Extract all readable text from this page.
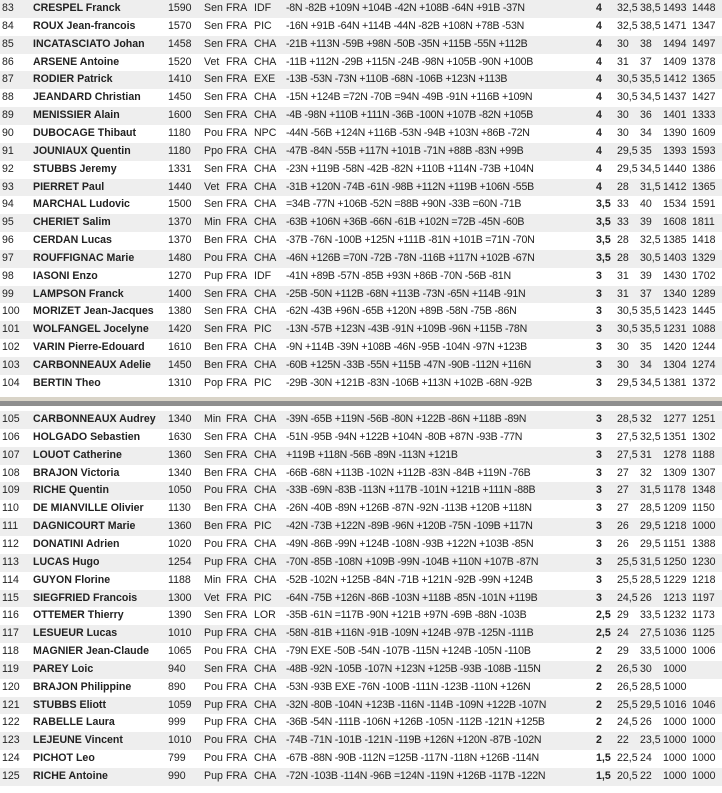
83	CRESPEL Franck	1590	Sen FRA IDF	-8N -82B +109N +104B -42N +108B -64N +91B -37N	4	32,5 38,5 1493 1448
84	ROUX Jean-francois	1570	Sen FRA PIC	-16N +91B -64N +114B -44N -82B +108N +78B -53N	4	32,5 38,5 1471 1347
85	INCATASCIATO Johan	1458	Sen FRA CHA -21B +113N -59B +98N -50B -35N +115B -55N +112B	4	30	38	1494 1497
86	ARSENE Antoine	1520	Vet FRA CHA -11B +112N -29B +115N -24B -98N +105B -90N +100B	4	31	37	1409 1378
87	RODIER Patrick	1410	Sen FRA EXE	-13B -53N -73N +110B -68N -106B +123N +113B	4	30,5 35,5 1412 1365
88	JEANDARD Christian	1450	Sen FRA CHA -15N +124B =72N -70B =94N -49B -91N +116B +109N	4	30,5 34,5 1437 1427
89	MENISSIER Alain	1600	Sen FRA CHA -4B -98N +110B +111N -36B -100N +107B -82N +105B	4	30	36	1401 1333
90	DUBOCAGE Thibaut	1180	Pou FRA NPC -44N -56B +124N +116B -53N -94B +103N +86B -72N	4	30	34	1390 1609
91	JOUNIAUX Quentin	1180	Ppo FRA CHA -47B -84N -55B +117N +101B -71N +88B -83N +99B	4	29,5 35	1393 1593
92	STUBBS Jeremy	1331	Sen FRA CHA -23N +119B -58N -42B -82N +110B +114N -73B +104N	4	29,5 34,5 1440 1386
93	PIERRET Paul	1440	Vet FRA CHA -31B +120N -74B -61N -98B +112N +119B +106N -55B	4	28	31,5 1412 1365
94	MARCHAL Ludovic	1500	Sen FRA CHA =34B -77N +106B -52N =88B +90N -33B =60N -71B	3,5 33	40	1534 1591
95	CHERIET Salim	1370	Min FRA CHA -63B +106N +36B -66N -61B +102N =72B -45N -60B	3,5 33	39	1608 1811
96	CERDAN Lucas	1370	Ben FRA CHA -37B -76N -100B +125N +111B -81N +101B =71N -70N	3,5 28	32,5 1385 1418
97	ROUFFIGNAC Marie	1480	Pou FRA CHA -46N +126B =70N -72B -78N -116B +117N +102B -67N	3,5 28	30,5 1403 1329
98	IASONI Enzo	1270	Pup FRA IDF	-41N +89B -57N -85B +93N +86B -70N -56B -81N	3	31	39	1430 1702
99	LAMPSON Franck	1400	Sen FRA CHA -25B -50N +112B -68N +113B -73N -65N +114B -91N	3	31	37	1340 1289
100	MORIZET Jean-Jacques	1380	Sen FRA CHA -62N -43B +96N -65B +120N +89B -58N -75B -86N	3	30,5 35,5 1423 1445
101	WOLFANGEL Jocelyne	1420	Sen FRA PIC	-13N -57B +123N -43B -91N +109B -96N +115B -78N	3	30,5 35,5 1231 1088
102	VARIN Pierre-Edouard	1610	Ben FRA CHA -9N +114B -39N +108B -46N -95B -104N -97N +123B	3	30	35	1420 1244
103	CARBONNEAUX Adelie	1450	Ben FRA CHA -60B +125N -33B -55N +115B -47N -90B -112N +116N	3	30	34	1304 1274
104	BERTIN Theo	1310	Pop FRA PIC	-29B -30N +121B -83N -106B +113N +102B -68N -92B	3	29,5 34,5 1381 1372
105	CARBONNEAUX Audrey	1340	Min FRA CHA -39N -65B +119N -56B -80N +122B -86N +118B -89N	3	28,5 32	1277 1251
106	HOLGADO Sebastien	1630	Sen FRA CHA -51N -95B -94N +122B +104N -80B +87N -93B -77N	3	27,5 32,5 1351 1302
107	LOUOT Catherine	1360	Sen FRA CHA +119B +118N -56B -89N -113N +121B	3	27,5 31	1278 1188
108	BRAJON Victoria	1340	Ben FRA CHA -66B -68N +113B -102N +112B -83N -84B +119N -76B	3	27	32	1309 1307
109	RICHE Quentin	1050	Pou FRA CHA -33B -69N -83B -113N +117B -101N +121B +111N -88B	3	27	31,5 1178 1348
110	DE MIANVILLE Olivier	1130	Ben FRA CHA -26N -40B -89N +126B -87N -92N -113B +120B +118N	3	27	28,5 1209 1150
111	DAGNICOURT Marie	1360	Ben FRA PIC	-42N -73B +122N -89B -96N +120B -75N -109B +117N	3	26	29,5 1218 1000
112	DONATINI Adrien	1020	Pou FRA CHA -49N -86B -99N +124B -108N -93B +122N +103B -85N	3	26	29,5 1151 1388
113	LUCAS Hugo	1254	Pup FRA CHA -70N -85B -108N +109B -99N -104B +110N +107B -87N	3	25,5 31,5 1250 1230
114	GUYON Florine	1188	Min FRA CHA -52B -102N +125B -84N -71B +121N -92B -99N +124B	3	25,5 28,5 1229 1218
115	SIEGFRIED Francois	1300	Vet FRA PIC	-64N -75B +126N -86B -103N +118B -85N -101N +119B	3	24,5 26	1213 1197
116	OTTEMER Thierry	1390	Sen FRA LOR -35B -61N =117B -90N +121B +97N -69B -88N -103B	2,5 29	33,5 1232 1173
117	LESUEUR Lucas	1010	Pup FRA CHA -58N -81B +116N -91B -109N +124B -97B -125N -111B	2,5 24	27,5 1036 1125
118	MAGNIER Jean-Claude	1065	Pou FRA CHA -79N EXE -50B -54N -107B -115N +124B -105N -110B	2	29	33,5 1000 1006
119	PAREY Loic	940	Sen FRA CHA -48B -92N -105B -107N +123N +125B -93B -108B -115N	2	26,5 30	1000
120	BRAJON Philippine	890	Pou FRA CHA -53N -93B EXE -76N -100B -111N -123B -110N +126N	2	26,5 28,5 1000
121	STUBBS Eliott	1059	Pup FRA CHA -32N -80B -104N +123B -116N -114B -109N +122B -107N	2	25,5 29,5 1016 1046
122	RABELLE Laura	999	Pup FRA CHA -36B -54N -111B -106N +126B -105N -112B -121N +125B	2	24,5 26	1000 1000
123	LEJEUNE Vincent	1010	Pou FRA CHA -74B -71N -101B -121N -119B +126N +120N -87B -102N	2	22	23,5 1000 1000
124	PICHOT Leo	799	Pou FRA CHA -67B -88N -90B -112N =125B -117N -118N +126B -114N	1,5 22,5 24	1000 1000
125	RICHE Antoine	990	Pup FRA CHA -72N -103B -114N -96B =124N -119N +126B -117B -122N	1,5 20,5 22	1000 1000
